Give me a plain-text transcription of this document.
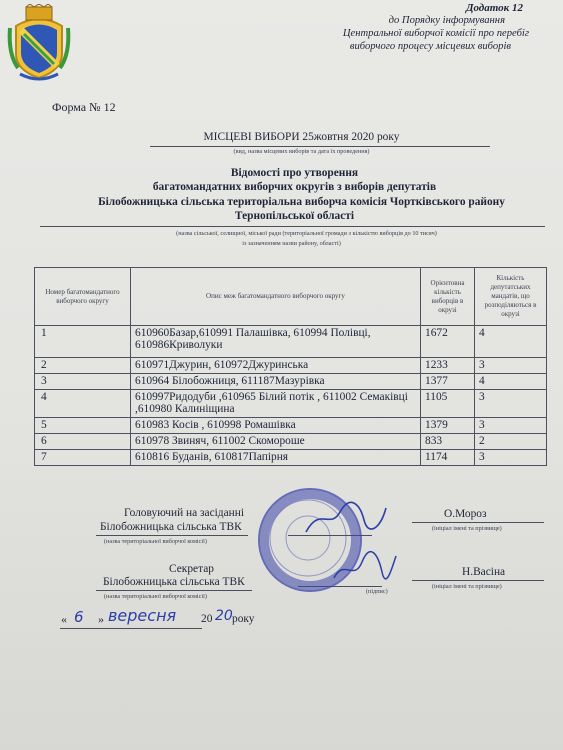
Додаток 12
до Порядку інформування
Центральної виборчої комісії про перебіг
виборчого процесу місцевих виборів
Форма № 12
МІСЦЕВІ ВИБОРИ 25жовтня 2020 року
(вид, назва місцевих виборів та дата їх проведення)
Відомості про утворення
багатомандатних виборчих округів з виборів депутатів
Білобожницька сільська територіальна виборча комісія Чортківського району
Тернопільської області
(назва сільської, селищної, міської ради (територіальної громади з кількістю виборців до 10 тисяч)
із зазначенням назви району, області)
Номер багатомандатного виборчого округу	Опис меж багатомандатного виборчого округу	Орієнтовна кількість виборців в окрузі	Кількість депутатських мандатів, що розподіляються в окрузі
1	610960Базар,610991 Палашівка, 610994 Полівці, 610986Криволуки	1672	4
2	610971Джурин, 610972Джуринська	1233	3
3	610964 Білобожниця, 611187Мазурівка	1377	4
4	610997Ридодуби ,610965 Білий потік , 611002 Семаківці ,610980 Калиніщина	1105	3
5	610983 Косів , 610998 Ромашівка	1379	3
6	610978 Звиняч, 611002 Скомороше	833	2
7	610816 Буданів, 610817Папірня	1174	3
Головуючий на засіданні
Білобожницька сільська ТВК
(назва територіальної виборчої комісії)
О.Мороз
(ініціал імені та прізвище)
Секретар
Білобожницька сільська ТВК
(назва територіальної виборчої комісії)
(підпис)
Н.Васіна
(ініціал імені та прізвище)
« 6 » вересня 20 20 року
